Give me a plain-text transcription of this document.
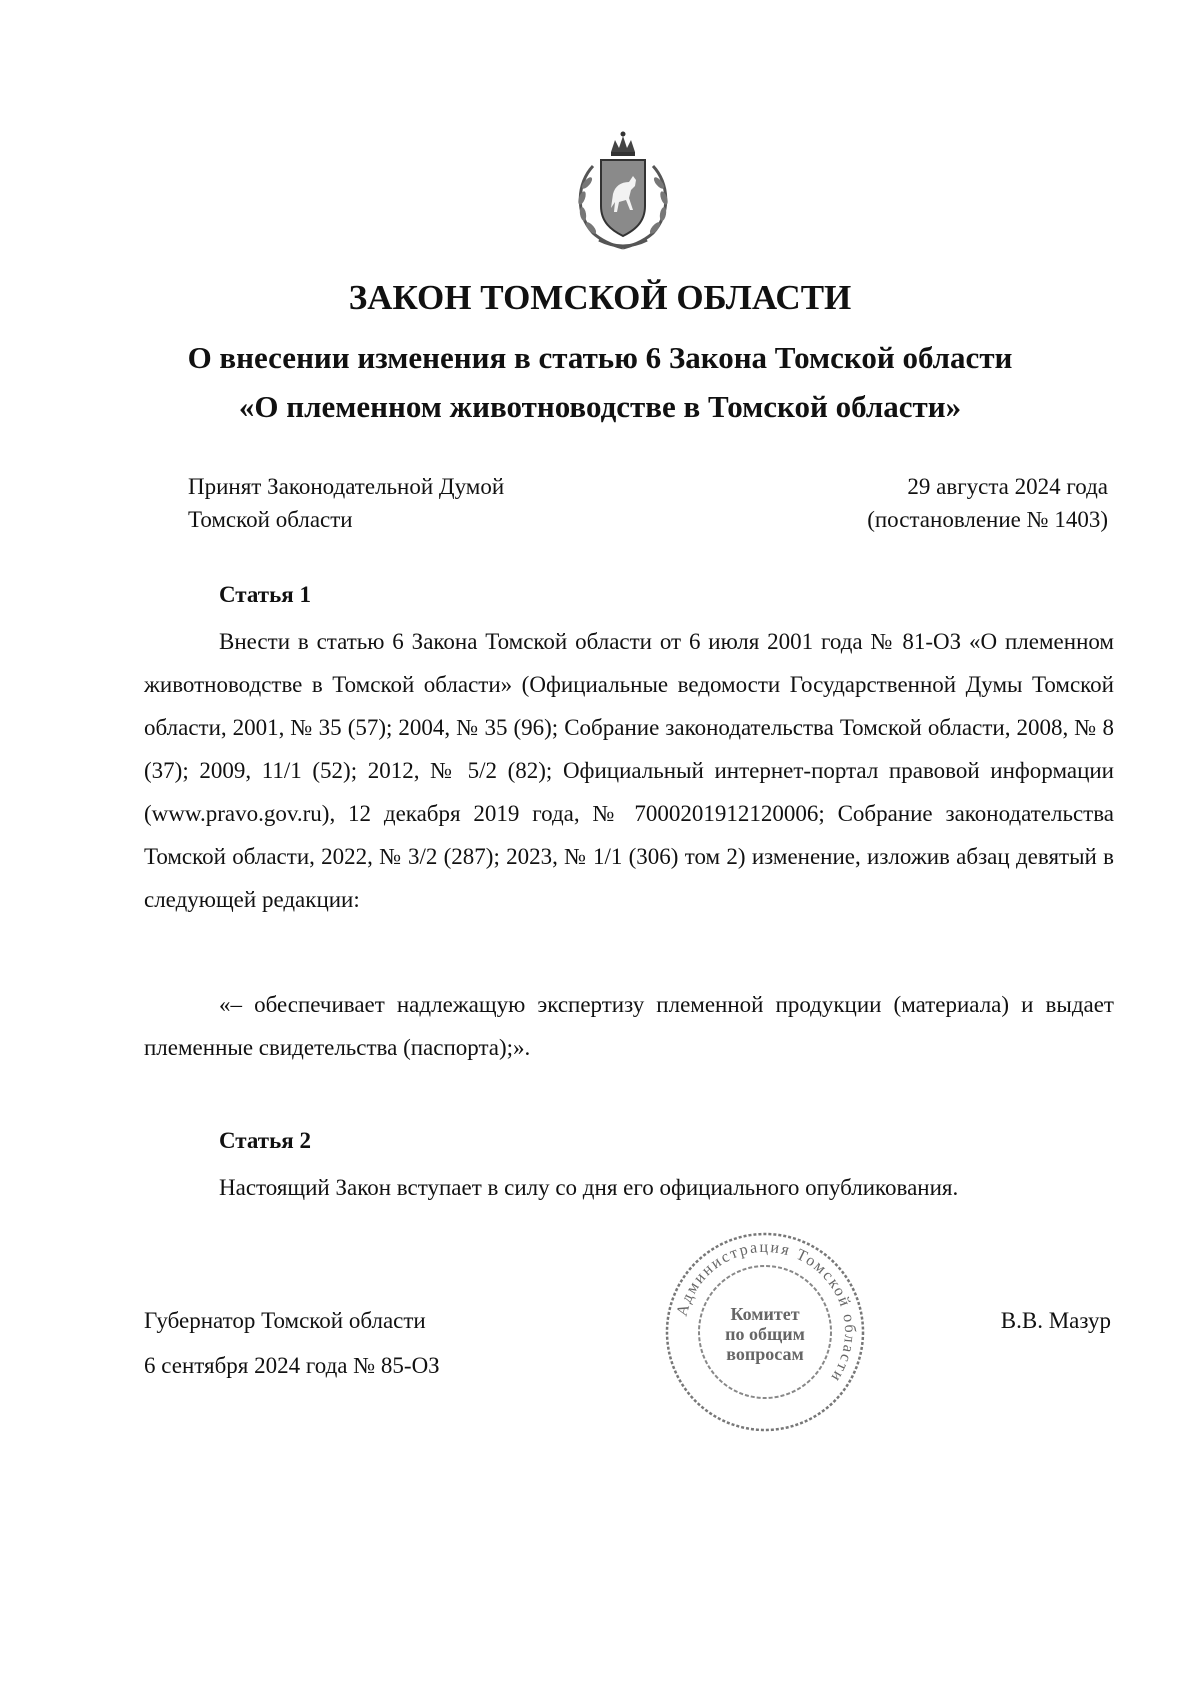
ЗАКОН ТОМСКОЙ ОБЛАСТИ
О внесении изменения в статью 6 Закона Томской области
«О племенном животноводстве в Томской области»
Принят Законодательной Думой
Томской области
29 августа 2024 года
(постановление № 1403)
Статья 1
Внести в статью 6 Закона Томской области от 6 июля 2001 года № 81-ОЗ «О племенном животноводстве в Томской области» (Официальные ведомости Государственной Думы Томской области, 2001, № 35 (57); 2004, № 35 (96); Собрание законодательства Томской области, 2008, № 8 (37); 2009, 11/1 (52); 2012, № 5/2 (82); Официальный интернет-портал правовой информации (www.pravo.gov.ru), 12 декабря 2019 года, № 7000201912120006; Собрание законодательства Томской области, 2022, № 3/2 (287); 2023, № 1/1 (306) том 2) изменение, изложив абзац девятый в следующей редакции:
«– обеспечивает надлежащую экспертизу племенной продукции (материала) и выдает племенные свидетельства (паспорта);».
Статья 2
Настоящий Закон вступает в силу со дня его официального опубликования.
Губернатор Томской области
6 сентября 2024 года № 85-ОЗ
В.В. Мазур
Администрация Томской области
Комитет
по общим
вопросам
